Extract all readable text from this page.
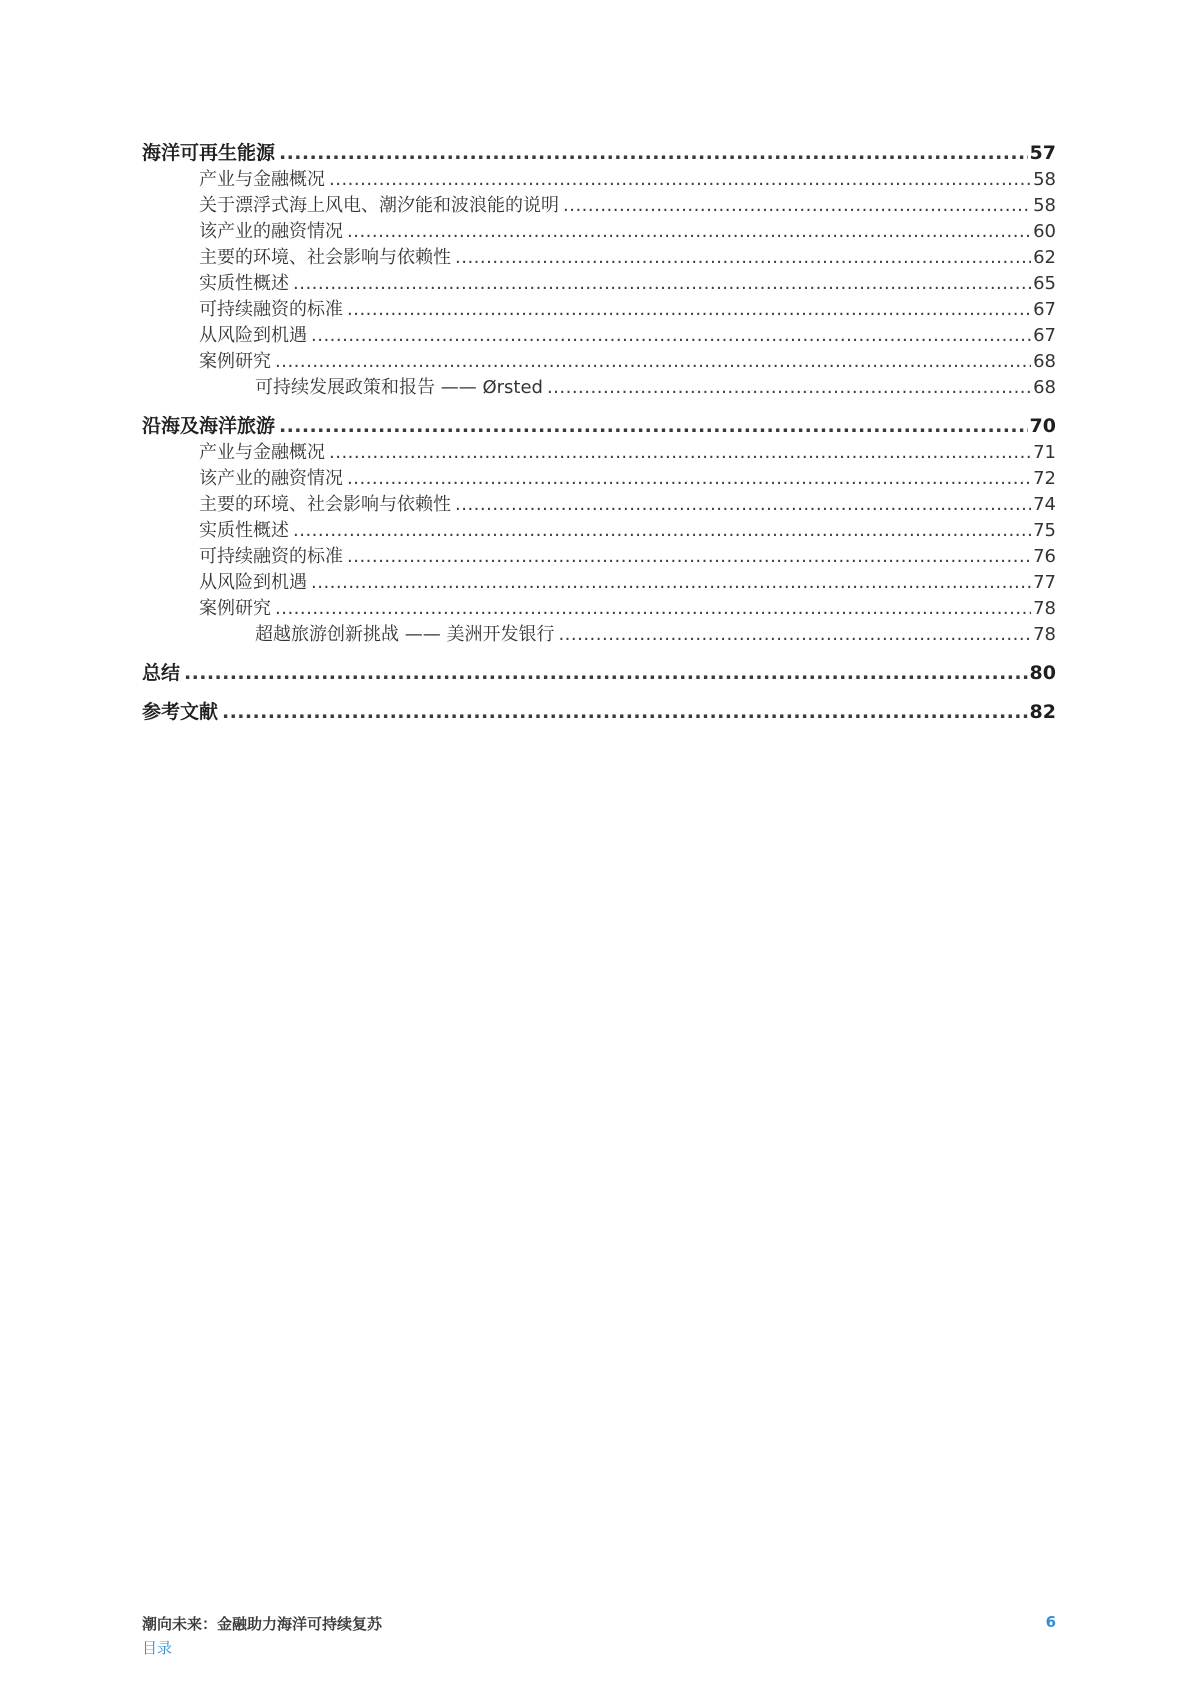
海洋可再生能源 .....	57
产业与金融概况 .....	58
关于漂浮式海上风电、潮汐能和波浪能的说明 .....	58
该产业的融资情况 .....	60
主要的环境、社会影响与依赖性 .....	62
实质性概述 .....	65
可持续融资的标准 .....	67
从风险到机遇 .....	67
案例研究 .....	68
可持续发展政策和报告 —— Ørsted .....	68
沿海及海洋旅游 .....	70
产业与金融概况 .....	71
该产业的融资情况 .....	72
主要的环境、社会影响与依赖性 .....	74
实质性概述 .....	75
可持续融资的标准 .....	76
从风险到机遇 .....	77
案例研究 .....	78
超越旅游创新挑战 —— 美洲开发银行 .....	78
总结 .....	80
参考文献 .....	82
潮向未来：金融助力海洋可持续复苏
目录
6
